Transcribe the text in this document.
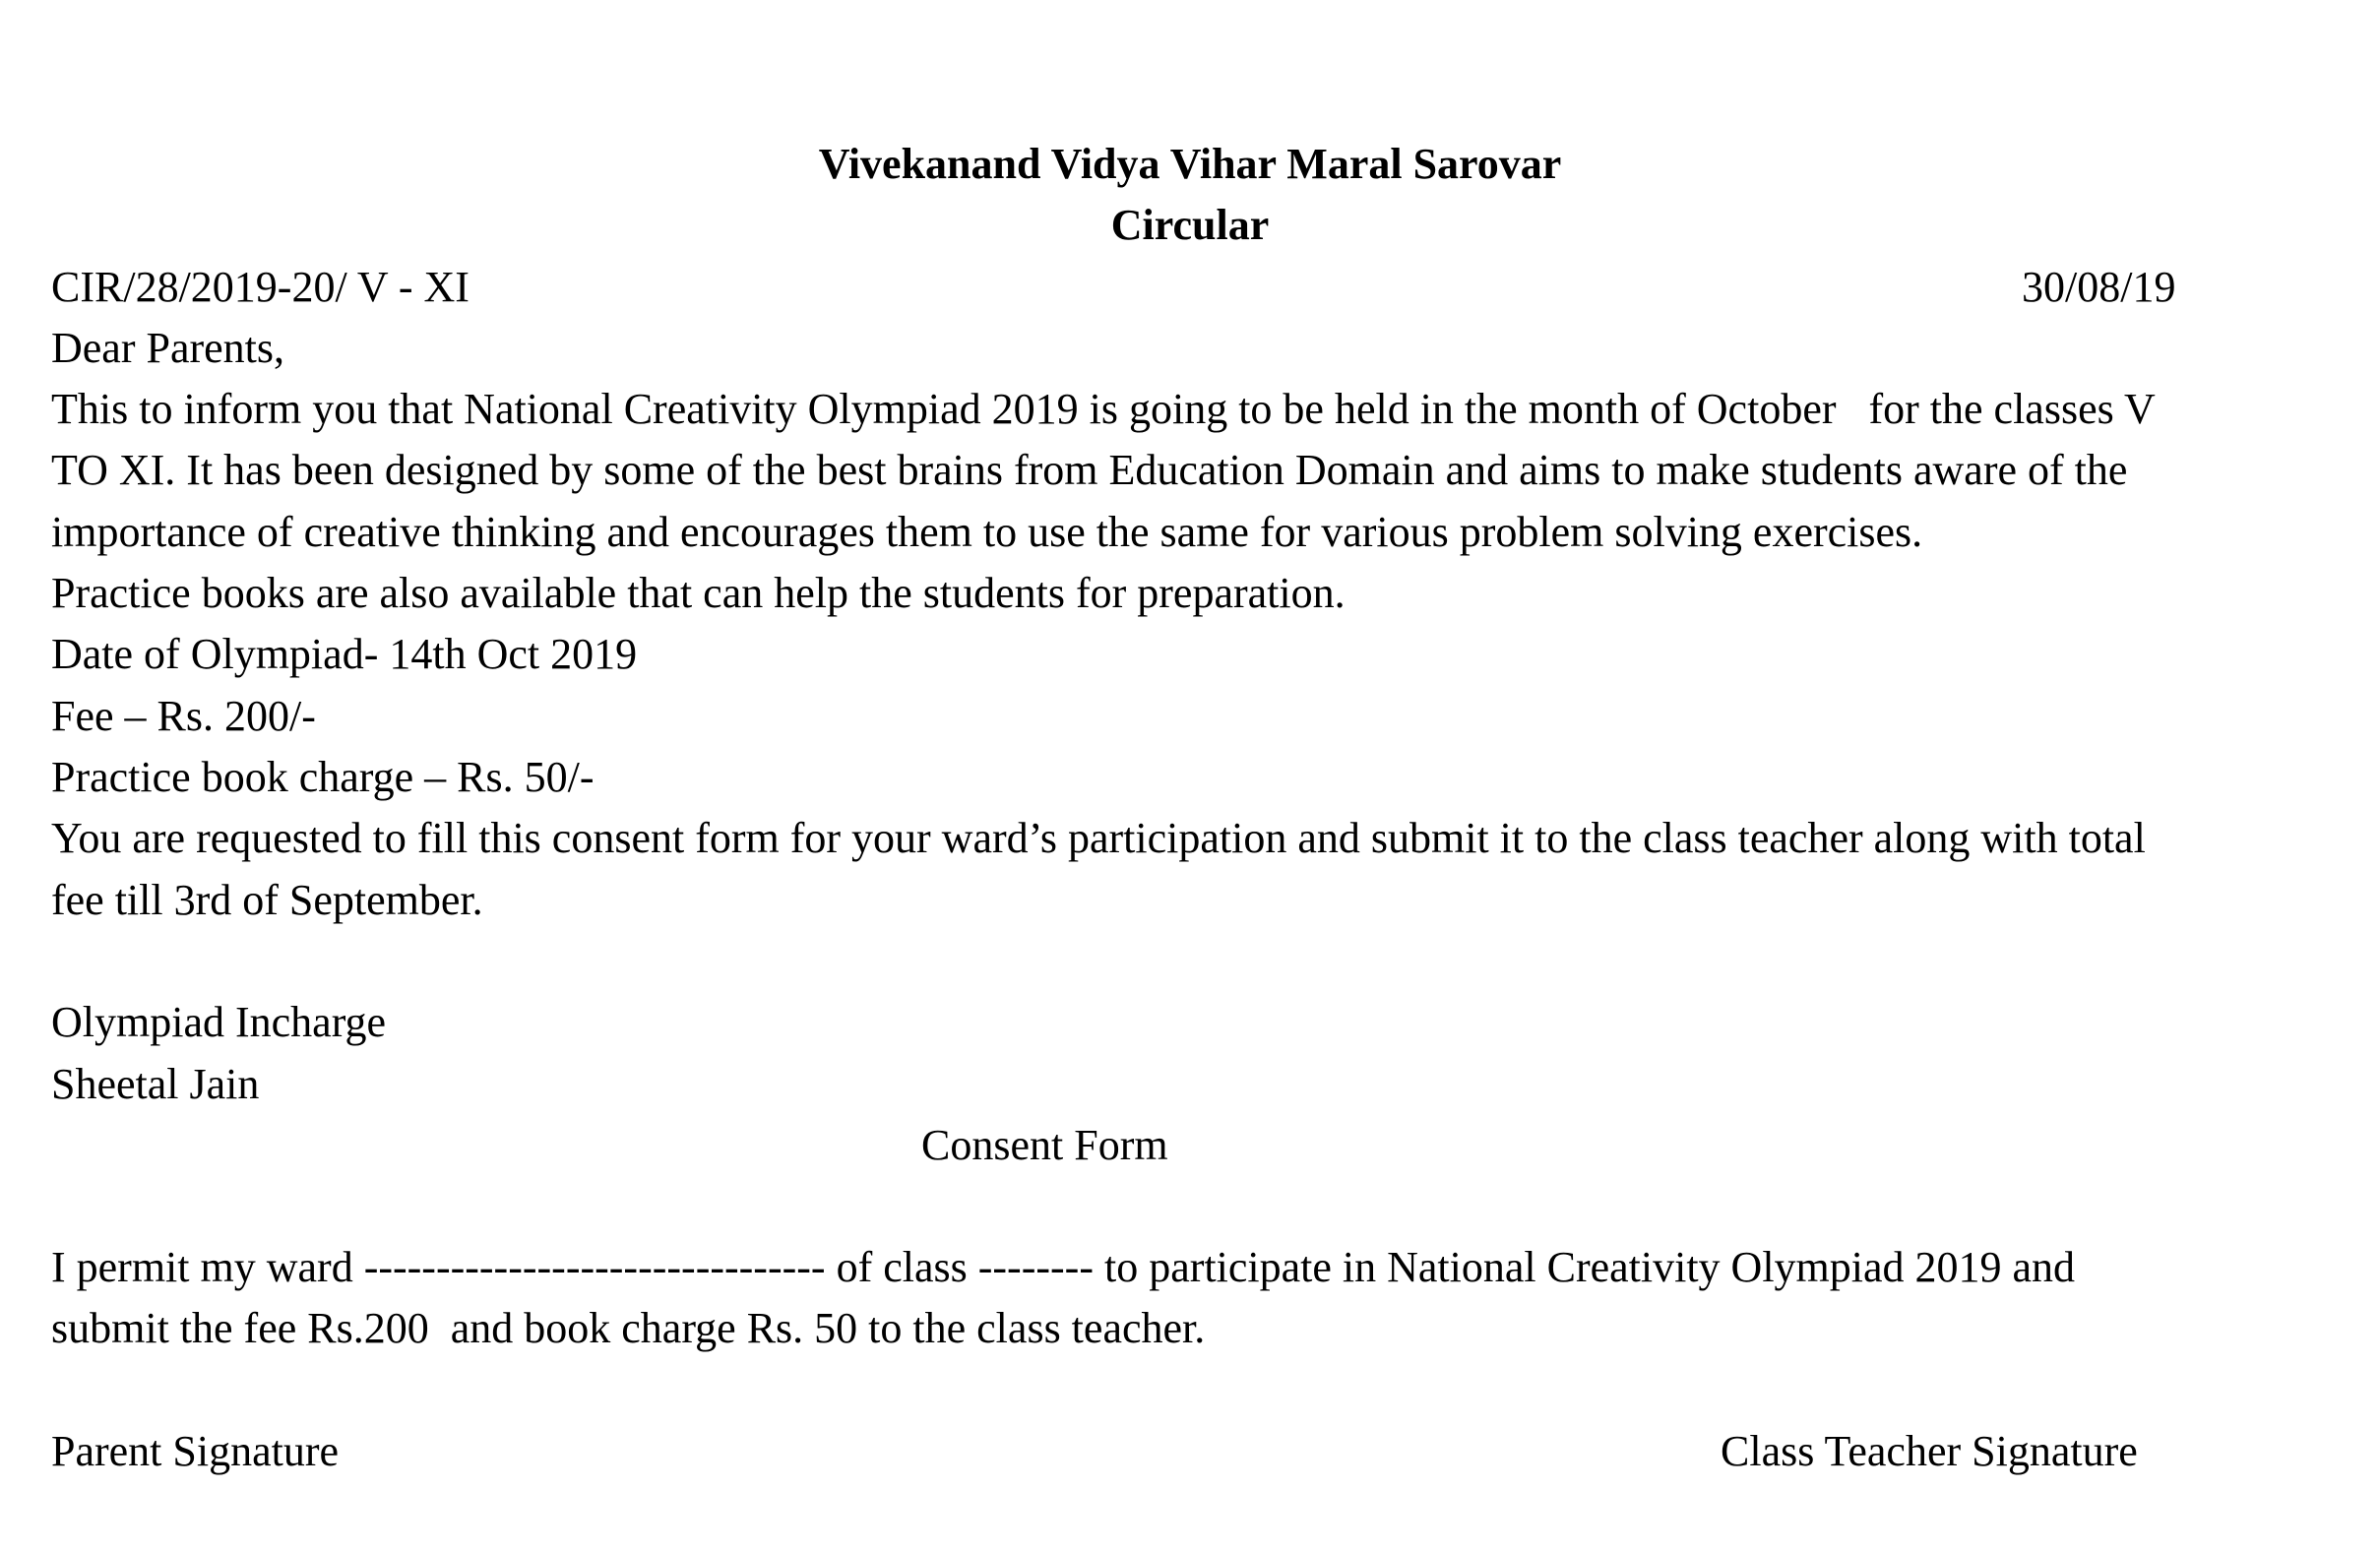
Vivekanand Vidya Vihar Maral Sarovar
Circular
CIR/28/2019-20/ V - XI	30/08/19
Dear Parents,
This to inform you that National Creativity Olympiad 2019 is going to be held in the month of October   for the classes V
TO XI. It has been designed by some of the best brains from Education Domain and aims to make students aware of the
importance of creative thinking and encourages them to use the same for various problem solving exercises.
Practice books are also available that can help the students for preparation.
Date of Olympiad- 14th Oct 2019
Fee – Rs. 200/-
Practice book charge – Rs. 50/-
You are requested to fill this consent form for your ward’s participation and submit it to the class teacher along with total
fee till 3rd of September.
Olympiad Incharge
Sheetal Jain
Consent Form
I permit my ward -------------------------------- of class -------- to participate in National Creativity Olympiad 2019 and
submit the fee Rs.200  and book charge Rs. 50 to the class teacher.
Parent Signature	Class Teacher Signature
